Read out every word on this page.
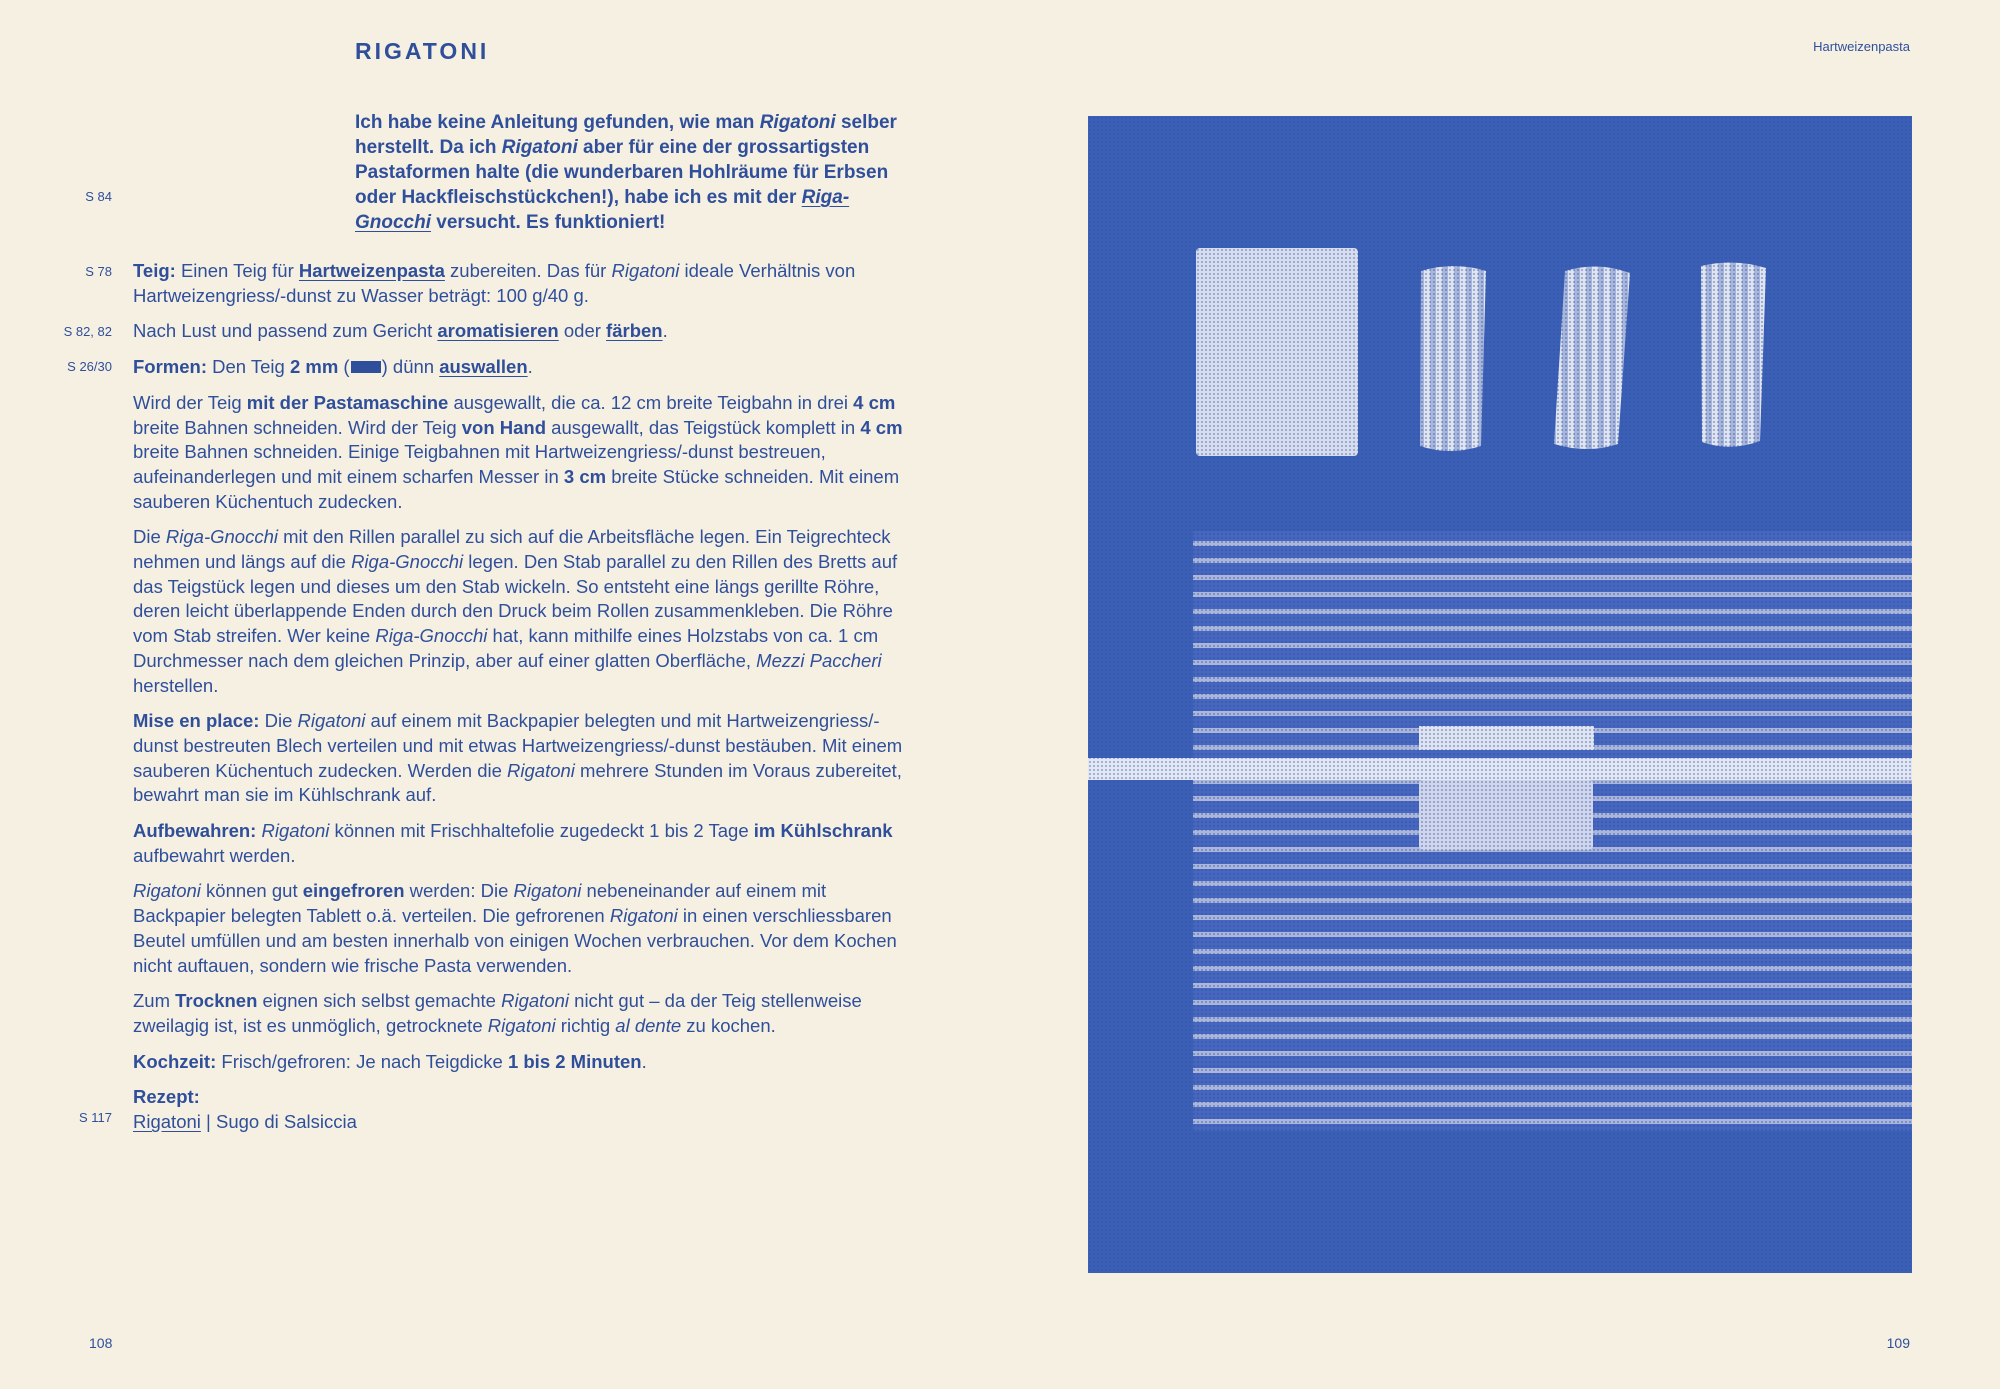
RIGATONI	Hartweizenpasta
S 84
S 78
S 82, 82
S 26/30
S 117

Ich habe keine Anleitung gefunden, wie man Rigatoni selber herstellt. Da ich Rigatoni aber für eine der grossartigsten Pastaformen halte (die wunderbaren Hohlräume für Erbsen oder Hackfleischstückchen!), habe ich es mit der Riga-Gnocchi versucht. Es funktioniert!

Teig: Einen Teig für Hartweizenpasta zubereiten. Das für Rigatoni ideale Verhältnis von Hartweizengriess/-dunst zu Wasser beträgt: 100 g/40 g.

Nach Lust und passend zum Gericht aromatisieren oder färben.

Formen: Den Teig 2 mm ( ) dünn auswallen.

Wird der Teig mit der Pastamaschine ausgewallt, die ca. 12 cm breite Teigbahn in drei 4 cm breite Bahnen schneiden. Wird der Teig von Hand ausgewallt, das Teigstück komplett in 4 cm breite Bahnen schneiden. Einige Teigbahnen mit Hartweizengriess/-dunst bestreuen, aufeinanderlegen und mit einem scharfen Messer in 3 cm breite Stücke schneiden. Mit einem sauberen Küchentuch zudecken.

Die Riga-Gnocchi mit den Rillen parallel zu sich auf die Arbeitsfläche legen. Ein Teigrechteck nehmen und längs auf die Riga-Gnocchi legen. Den Stab parallel zu den Rillen des Bretts auf das Teigstück legen und dieses um den Stab wickeln. So entsteht eine längs gerillte Röhre, deren leicht überlappende Enden durch den Druck beim Rollen zusammenkleben. Die Röhre vom Stab streifen. Wer keine Riga-Gnocchi hat, kann mithilfe eines Holzstabs von ca. 1 cm Durchmesser nach dem gleichen Prinzip, aber auf einer glatten Oberfläche, Mezzi Paccheri herstellen.

Mise en place: Die Rigatoni auf einem mit Backpapier belegten und mit Hartweizengriess/-dunst bestreuten Blech verteilen und mit etwas Hartweizengriess/-dunst bestäuben. Mit einem sauberen Küchentuch zudecken. Werden die Rigatoni mehrere Stunden im Voraus zubereitet, bewahrt man sie im Kühlschrank auf.

Aufbewahren: Rigatoni können mit Frischhaltefolie zugedeckt 1 bis 2 Tage im Kühlschrank aufbewahrt werden.

Rigatoni können gut eingefroren werden: Die Rigatoni nebeneinander auf einem mit Backpapier belegten Tablett o.ä. verteilen. Die gefrorenen Rigatoni in einen verschliessbaren Beutel umfüllen und am besten innerhalb von einigen Wochen verbrauchen. Vor dem Kochen nicht auftauen, sondern wie frische Pasta verwenden.

Zum Trocknen eignen sich selbst gemachte Rigatoni nicht gut – da der Teig stellenweise zweilagig ist, ist es unmöglich, getrocknete Rigatoni richtig al dente zu kochen.

Kochzeit: Frisch/gefroren: Je nach Teigdicke 1 bis 2 Minuten.

Rezept:

Rigatoni | Sugo di Salsiccia

108	109
